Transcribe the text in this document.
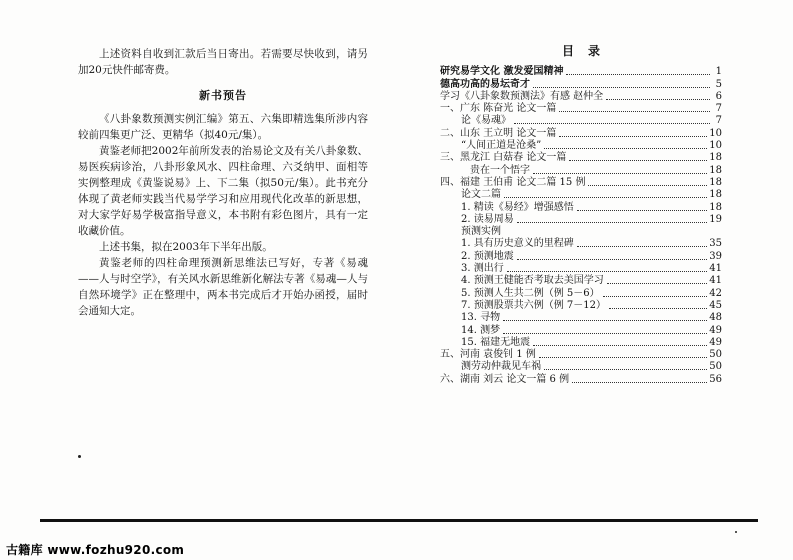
上述资料自收到汇款后当日寄出。若需要尽快收到，请另加20元快件邮寄费。

新书预告

《八卦象数预测实例汇编》第五、六集即精选集所涉内容较前四集更广泛、更精华（拟40元/集）。

黄鉴老师把2002年前所发表的治易论文及有关八卦象数、易医疾病诊治，八卦形象风水、四柱命理、六爻纳甲、面相等实例整理成《黄鉴说易》上、下二集（拟50元/集）。此书充分体现了黄老师实践当代易学学习和应用现代化改革的新思想，对大家学好易学极富指导意义，本书附有彩色图片，具有一定收藏价值。

上述书集，拟在2003年下半年出版。

黄鉴老师的四柱命理预测新思维法已写好，专著《易魂——人与时空学》，有关风水新思维新化解法专著《易魂—人与自然环境学》正在整理中，两本书完成后才开始办函授，届时会通知大定。

目录
研究易学文化 激发爱国精神	1
德高功高的易坛奇才	5
学习《八卦象数预测法》有感 赵仲全	6
一、广东 陈奋光 论文一篇	7
论《易魂》	7
二、山东 王立明 论文一篇	10
“人间正道是沧桑”	10
三、黑龙江 白菇春 论文一篇	18
贵在一个悟字	18
四、福建 王伯甫 论文二篇 15 例	18
论文二篇	18
1. 精读《易经》增强感悟	18
2. 读易周易	19
预测实例
1. 具有历史意义的里程碑	35
2. 预测地震	39
3. 测出行	41
4. 预测王健能否考取去美国学习	41
5. 预测人生共二例（例 5－6）	42
7. 预测股票共六例（例 7－12）	45
13. 寻物	48
14. 测梦	49
15. 福建无地震	49
五、河南 袁俊钊 1 例	50
测劳动仲裁见车祸	50
六、湖南 刘云 论文一篇 6 例	56
古籍库 www.fozhu920.com
